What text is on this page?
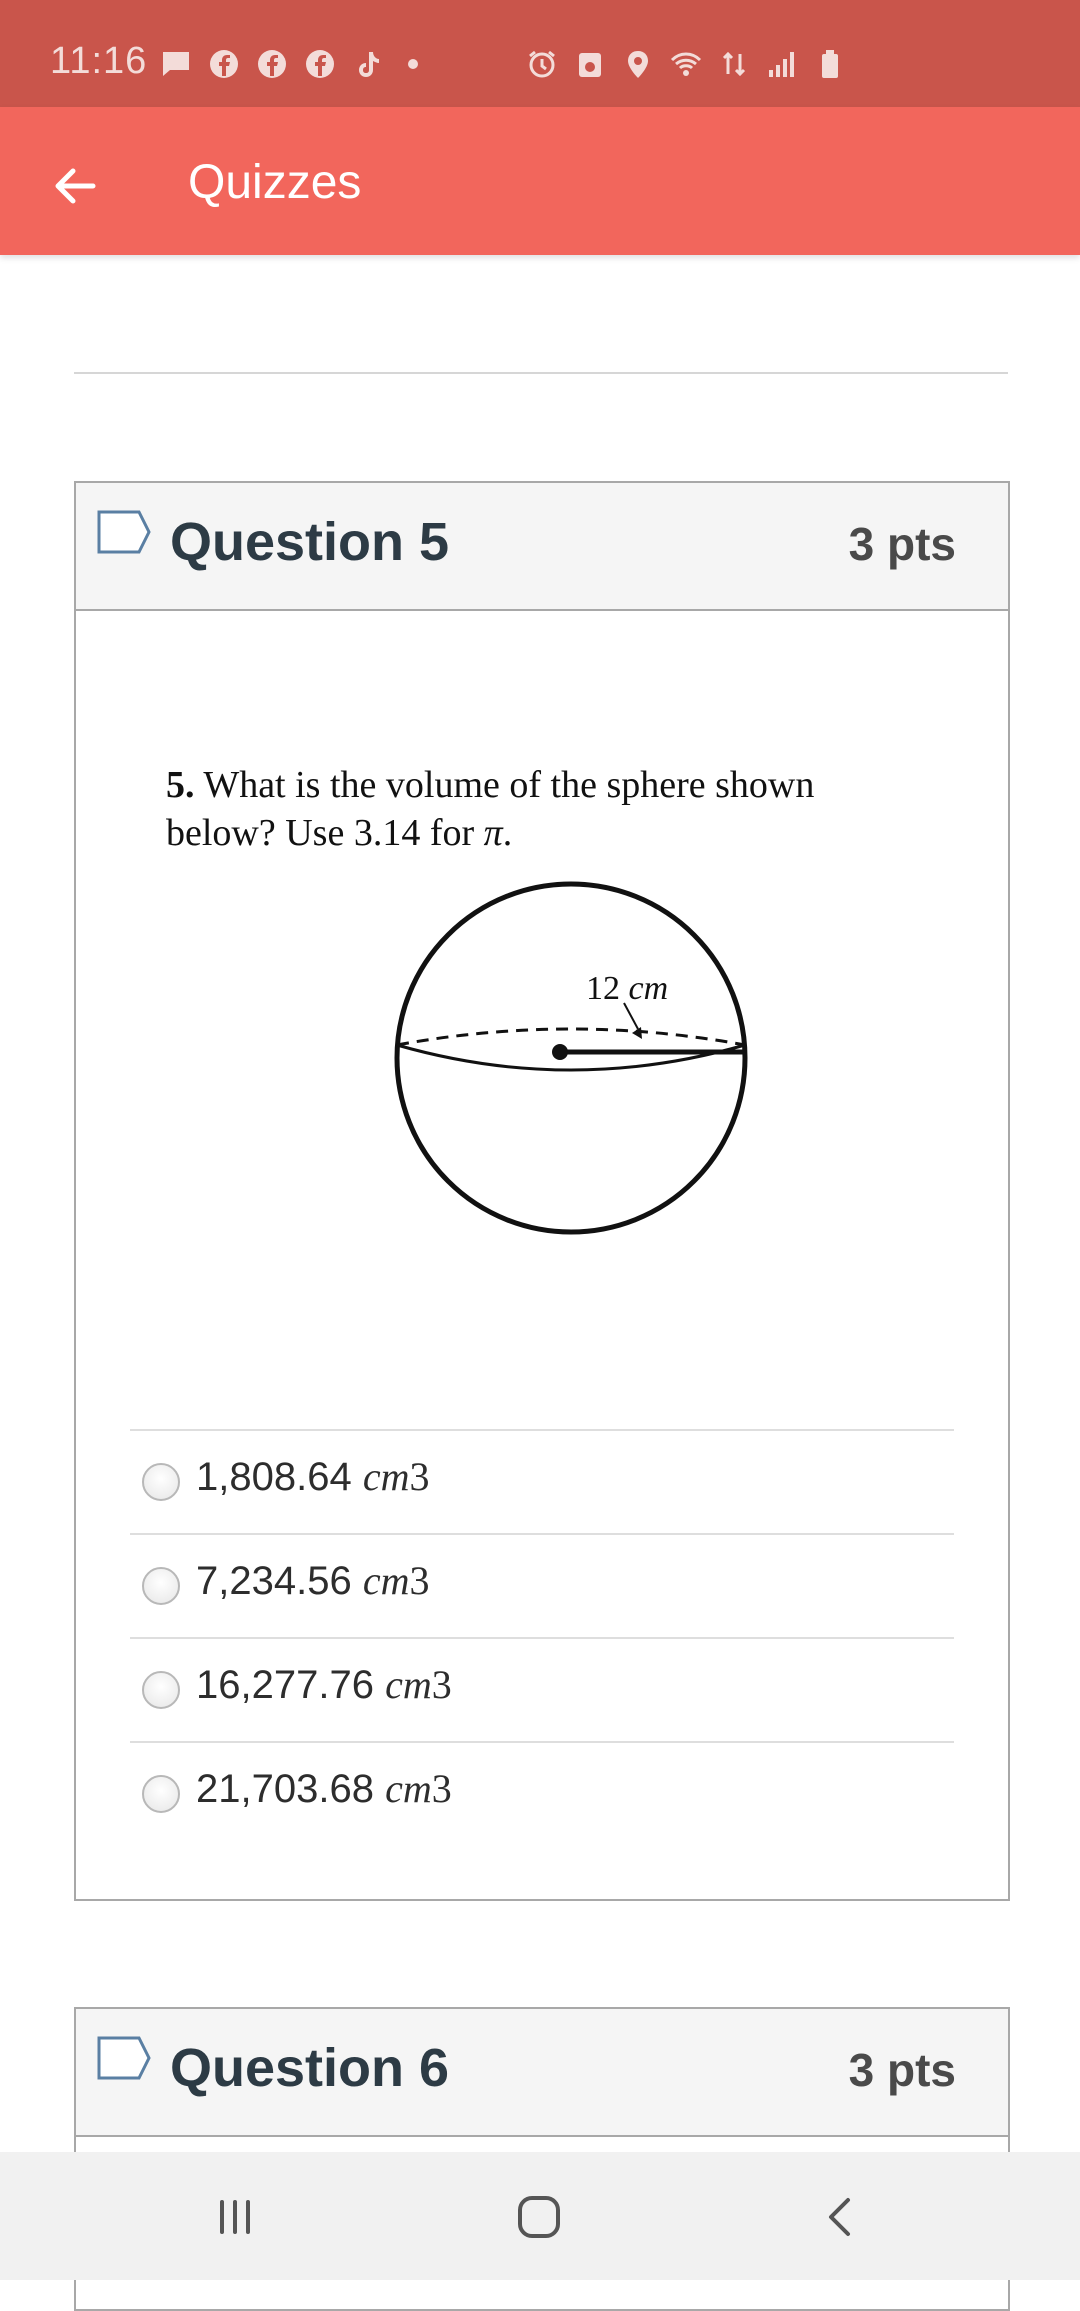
11:16
Quizzes
Question 5	3 pts
5. What is the volume of the sphere shown below? Use 3.14 for π.
12 cm
1,808.64 cm3
7,234.56 cm3
16,277.76 cm3
21,703.68 cm3
Question 6	3 pts
